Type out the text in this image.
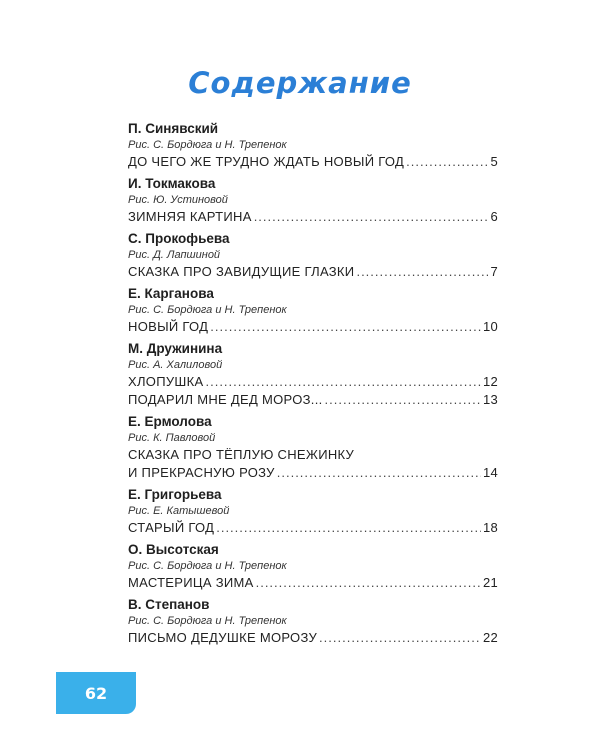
Содержание
П. Синявский
Рис. С. Бордюга и Н. Трепенок
ДО ЧЕГО ЖЕ ТРУДНО ЖДАТЬ НОВЫЙ ГОД .....	5
И. Токмакова
Рис. Ю. Устиновой
ЗИМНЯЯ КАРТИНА .....	6
С. Прокофьева
Рис. Д. Лапшиной
СКАЗКА ПРО ЗАВИДУЩИЕ ГЛАЗКИ .....	7
Е. Карганова
Рис. С. Бордюга и Н. Трепенок
НОВЫЙ ГОД .....	10
М. Дружинина
Рис. А. Халиловой
ХЛОПУШКА .....	12
ПОДАРИЛ МНЕ ДЕД МОРОЗ... .....	13
Е. Ермолова
Рис. К. Павловой
СКАЗКА ПРО ТЁПЛУЮ СНЕЖИНКУ
И ПРЕКРАСНУЮ РОЗУ .....	14
Е. Григорьева
Рис. Е. Катышевой
СТАРЫЙ ГОД .....	18
О. Высотская
Рис. С. Бордюга и Н. Трепенок
МАСТЕРИЦА ЗИМА .....	21
В. Степанов
Рис. С. Бордюга и Н. Трепенок
ПИСЬМО ДЕДУШКЕ МОРОЗУ .....	22
62
